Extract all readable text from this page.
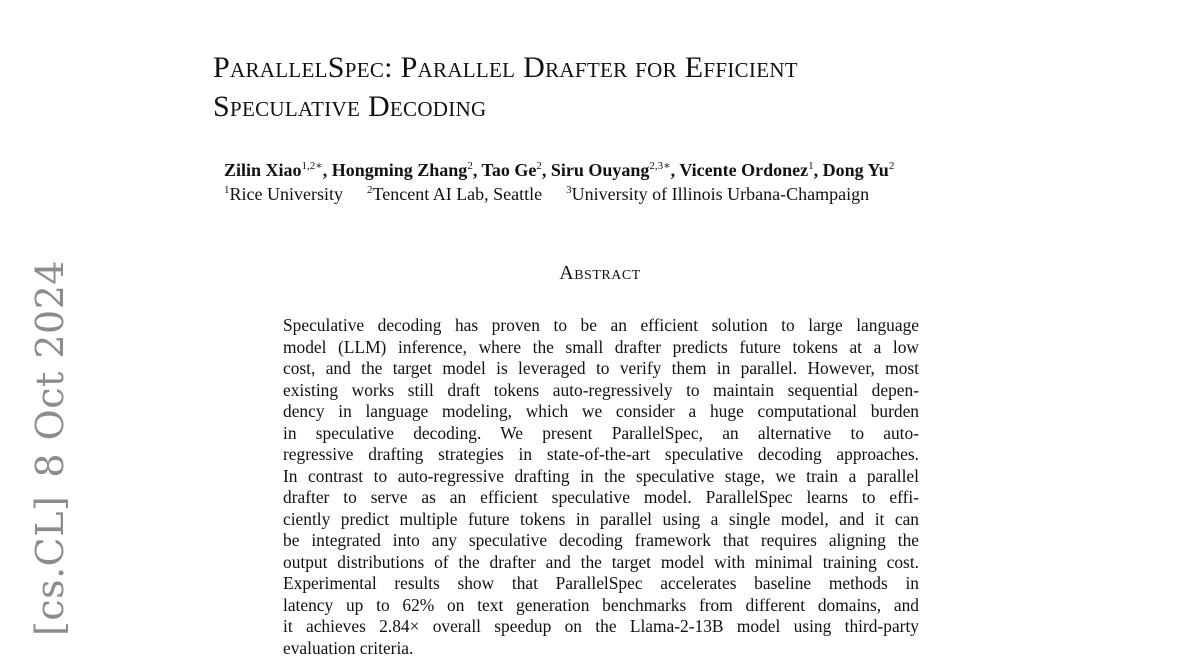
[cs.CL]8 Oct 2024
ParallelSpec: Parallel Drafter for Efficient
Speculative Decoding
Zilin Xiao$^{1,2∗}$, Hongming Zhang$^2$, Tao Ge$^2$, Siru Ouyang$^{2,3∗}$, Vicente Ordonez$^1$, Dong Yu$^2$
$^1$Rice University $^2$Tencent AI Lab, Seattle $^3$University of Illinois Urbana-Champaign
Abstract
Speculative decoding has proven to be an efficient solution to large language
model (LLM) inference, where the small drafter predicts future tokens at a low
cost, and the target model is leveraged to verify them in parallel. However, most
existing works still draft tokens auto-regressively to maintain sequential depen-
dency in language modeling, which we consider a huge computational burden
in speculative decoding. We present ParallelSpec, an alternative to auto-
regressive drafting strategies in state-of-the-art speculative decoding approaches.
In contrast to auto-regressive drafting in the speculative stage, we train a parallel
drafter to serve as an efficient speculative model. ParallelSpec learns to effi-
ciently predict multiple future tokens in parallel using a single model, and it can
be integrated into any speculative decoding framework that requires aligning the
output distributions of the drafter and the target model with minimal training cost.
Experimental results show that ParallelSpec accelerates baseline methods in
latency up to 62% on text generation benchmarks from different domains, and
it achieves 2.84× overall speedup on the Llama-2-13B model using third-party
evaluation criteria.
